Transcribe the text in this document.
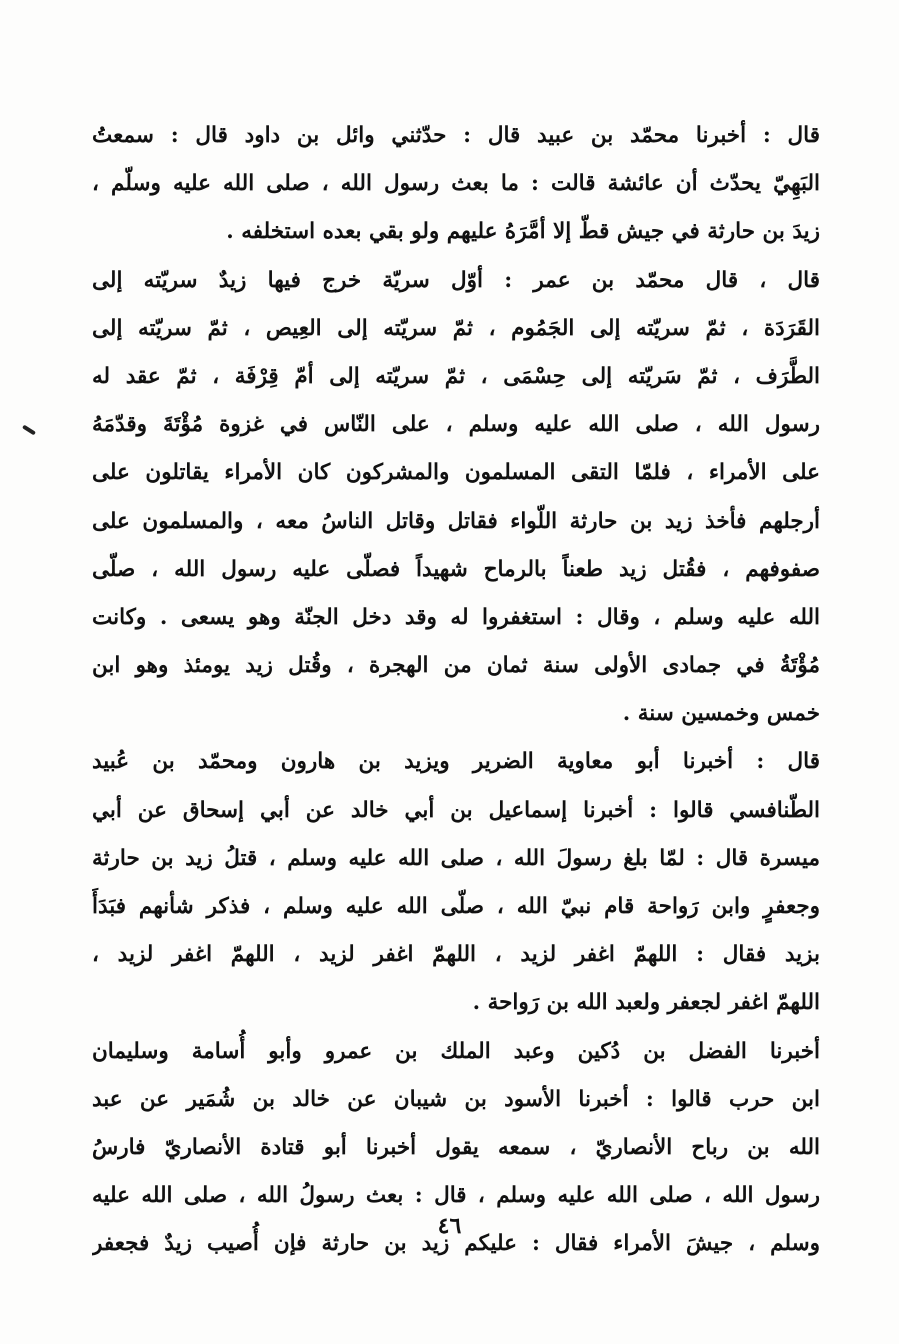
قال : أخبرنا محمّد بن عبيد قال : حدّثني وائل بن داود قال : سمعتُ
البَهِيّ يحدّث أن عائشة قالت : ما بعث رسول الله ، صلى الله عليه وسلّم ،
زيدَ بن حارثة في جيش قطّ إلا أمَّرَهُ عليهم ولو بقي بعده استخلفه .
قال ، قال محمّد بن عمر : أوّل سريّة خرج فيها زيدٌ سريّته إلى
القَرَدَة ، ثمّ سريّته إلى الجَمُوم ، ثمّ سريّته إلى العِيص ، ثمّ سريّته إلى
الطَّرَف ، ثمّ سَريّته إلى حِسْمَى ، ثمّ سريّته إلى أمّ قِرْفَة ، ثمّ عقد له
رسول الله ، صلى الله عليه وسلم ، على النّاس في غزوة مُؤْتَةَ وقدّمَهُ
على الأمراء ، فلمّا التقى المسلمون والمشركون كان الأمراء يقاتلون على
أرجلهم فأخذ زيد بن حارثة اللّواء فقاتل وقاتل الناسُ معه ، والمسلمون على
صفوفهم ، فقُتل زيد طعناً بالرماح شهيداً فصلّى عليه رسول الله ، صلّى
الله عليه وسلم ، وقال : استغفروا له وقد دخل الجنّة وهو يسعى . وكانت
مُؤْتَةُ في جمادى الأولى سنة ثمان من الهجرة ، وقُتل زيد يومئذ وهو ابن
خمس وخمسين سنة .
قال : أخبرنا أبو معاوية الضرير ويزيد بن هارون ومحمّد بن عُبيد
الطّنافسي قالوا : أخبرنا إسماعيل بن أبي خالد عن أبي إسحاق عن أبي
ميسرة قال : لمّا بلغ رسولَ الله ، صلى الله عليه وسلم ، قتلُ زيد بن حارثة
وجعفرٍ وابن رَواحة قام نبيّ الله ، صلّى الله عليه وسلم ، فذكر شأنهم فبَدَأَ
بزيد فقال : اللهمّ اغفر لزيد ، اللهمّ اغفر لزيد ، اللهمّ اغفر لزيد ،
اللهمّ اغفر لجعفر ولعبد الله بن رَواحة .
أخبرنا الفضل بن دُكين وعبد الملك بن عمرو وأبو أُسامة وسليمان
ابن حرب قالوا : أخبرنا الأسود بن شيبان عن خالد بن شُمَير عن عبد
الله بن رباح الأنصاريّ ، سمعه يقول أخبرنا أبو قتادة الأنصاريّ فارسُ
رسول الله ، صلى الله عليه وسلم ، قال : بعث رسولُ الله ، صلى الله عليه
وسلم ، جيشَ الأمراء فقال : عليكم زيد بن حارثة فإن أُصيب زيدٌ فجعفر
٤٦
